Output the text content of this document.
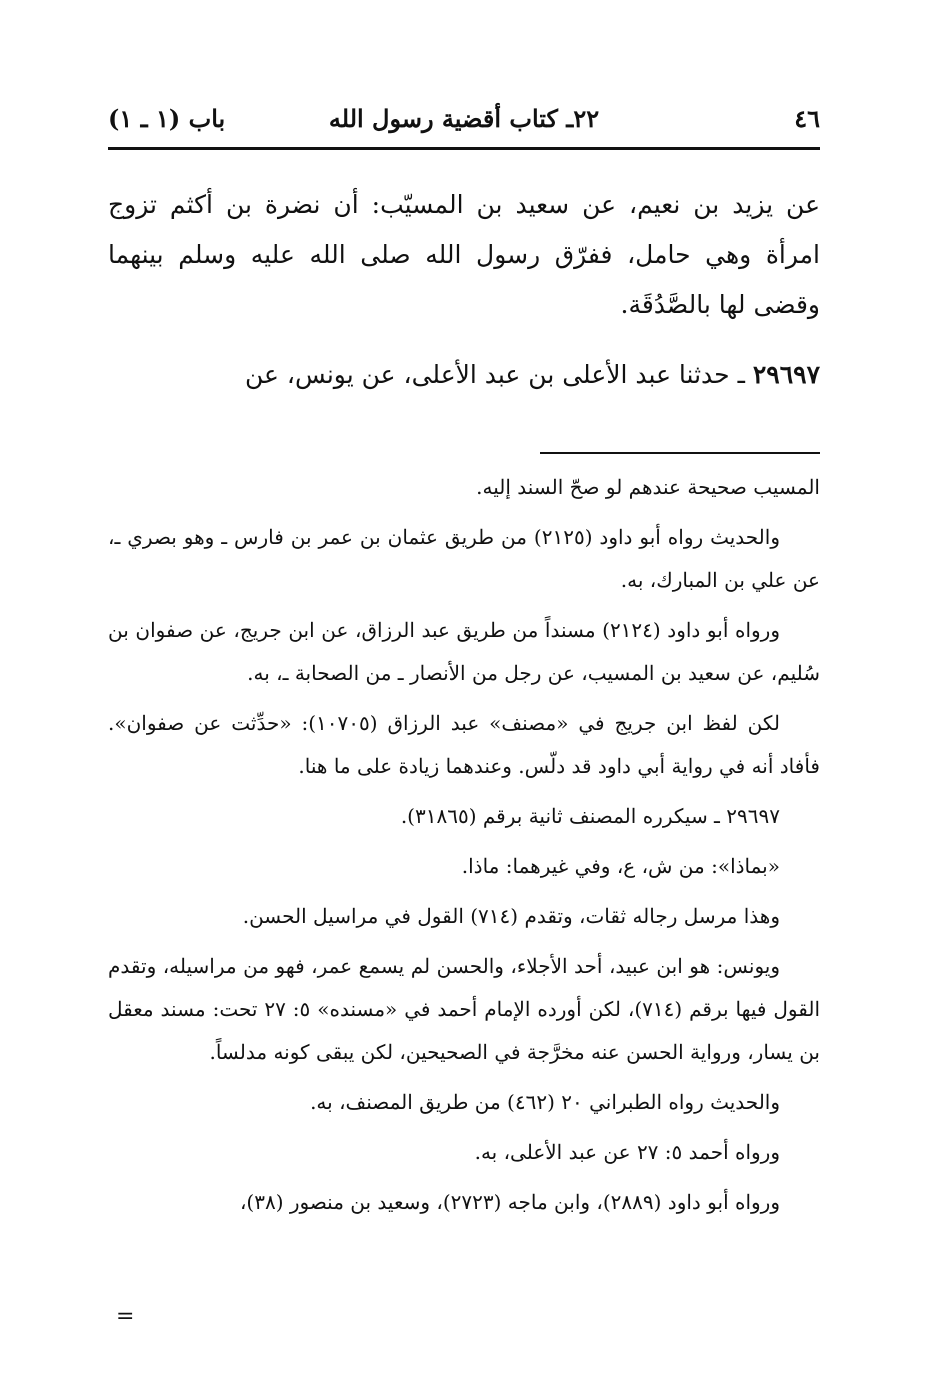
٤٦
٢٢ـ كتاب أقضية رسول الله
باب (١ ـ ١)

عن يزيد بن نعيم، عن سعيد بن المسيّب: أن نضرة بن أكثم تزوج امرأة وهي حامل، ففرّق رسول الله صلى الله عليه وسلم بينهما وقضى لها بالصَّدُقَة.

٢٩٦٩٧ ـ حدثنا عبد الأعلى بن عبد الأعلى، عن يونس، عن

المسيب صحيحة عندهم لو صحّ السند إليه.

والحديث رواه أبو داود (٢١٢٥) من طريق عثمان بن عمر بن فارس ـ وهو بصري ـ، عن علي بن المبارك، به.

ورواه أبو داود (٢١٢٤) مسنداً من طريق عبد الرزاق، عن ابن جريج، عن صفوان بن سُليم، عن سعيد بن المسيب، عن رجل من الأنصار ـ من الصحابة ـ، به.

لكن لفظ ابن جريج في «مصنف» عبد الرزاق (١٠٧٠٥): «حدِّثت عن صفوان». فأفاد أنه في رواية أبي داود قد دلّس. وعندهما زيادة على ما هنا.

٢٩٦٩٧ ـ سيكرره المصنف ثانية برقم (٣١٨٦٥).

«بماذا»: من ش، ع، وفي غيرهما: ماذا.

وهذا مرسل رجاله ثقات، وتقدم (٧١٤) القول في مراسيل الحسن.

ويونس: هو ابن عبيد، أحد الأجلاء، والحسن لم يسمع عمر، فهو من مراسيله، وتقدم القول فيها برقم (٧١٤)، لكن أورده الإمام أحمد في «مسنده» ٥: ٢٧ تحت: مسند معقل بن يسار، ورواية الحسن عنه مخرَّجة في الصحيحين، لكن يبقى كونه مدلساً.

والحديث رواه الطبراني ٢٠ (٤٦٢) من طريق المصنف، به.

ورواه أحمد ٥: ٢٧ عن عبد الأعلى، به.

ورواه أبو داود (٢٨٨٩)، وابن ماجه (٢٧٢٣)، وسعيد بن منصور (٣٨)،

=
